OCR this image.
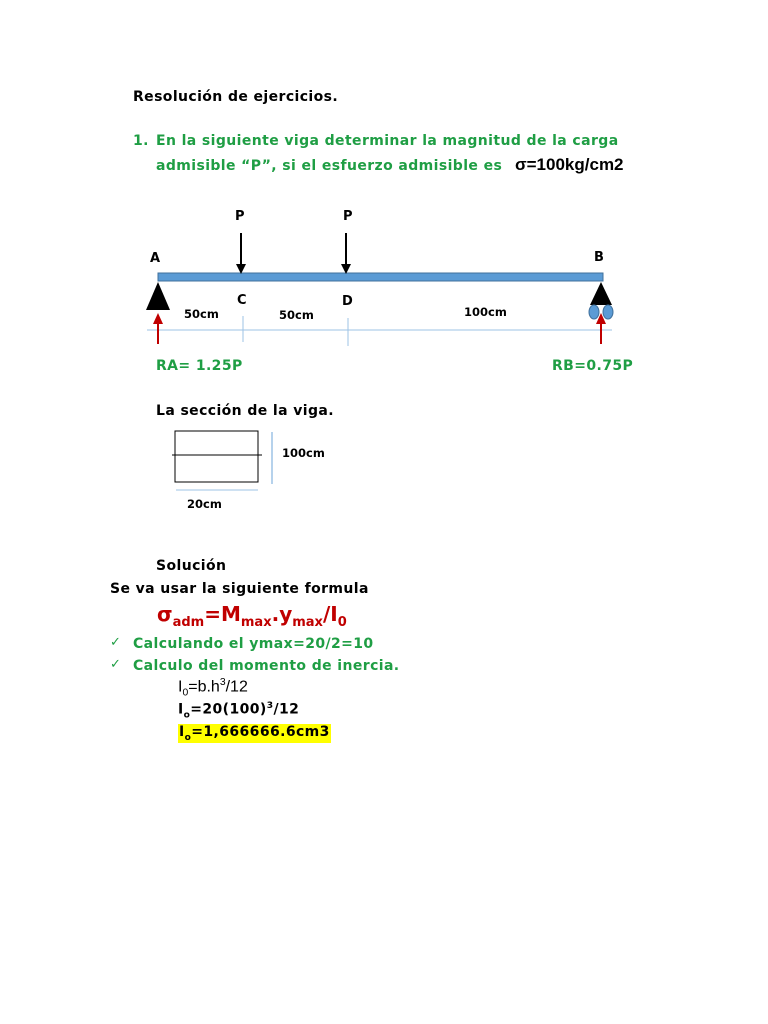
Resolución de ejercicios.
1. En la siguiente viga determinar la magnitud de la carga
admisible “P”, si el esfuerzo admisible es σ=100kg/cm2
P	P
A	B
C	D
50cm	50cm	100cm
RA= 1.25P	RB=0.75P
La sección de la viga.
100cm
20cm
Solución
Se va usar la siguiente formula
$\sigma_{adm}=M_{max}.y_{max}/I_0$
✓ Calculando el ymax=20/2=10
✓ Calculo del momento de inercia.
$I_0=b.h^3/12$
$I_o=20(100)^3/12$
$I_o=1,666666.6cm3$
